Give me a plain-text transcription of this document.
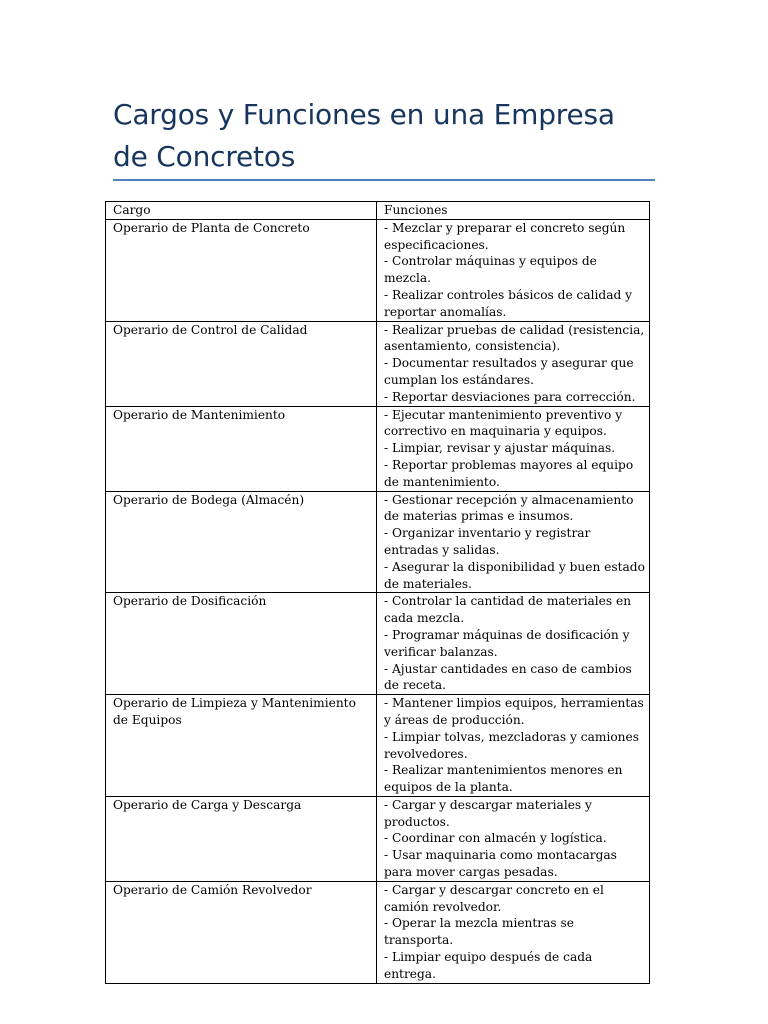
Cargos y Funciones en una Empresa de Concretos
Cargo	Funciones
Operario de Planta de Concreto	- Mezclar y preparar el concreto según especificaciones.
- Controlar máquinas y equipos de mezcla.
- Realizar controles básicos de calidad y reportar anomalías.

Operario de Control de Calidad	- Realizar pruebas de calidad (resistencia, asentamiento, consistencia).
- Documentar resultados y asegurar que cumplan los estándares.
- Reportar desviaciones para corrección.

Operario de Mantenimiento	- Ejecutar mantenimiento preventivo y correctivo en maquinaria y equipos.
- Limpiar, revisar y ajustar máquinas.
- Reportar problemas mayores al equipo de mantenimiento.

Operario de Bodega (Almacén)	- Gestionar recepción y almacenamiento de materias primas e insumos.
- Organizar inventario y registrar entradas y salidas.
- Asegurar la disponibilidad y buen estado de materiales.

Operario de Dosificación	- Controlar la cantidad de materiales en cada mezcla.
- Programar máquinas de dosificación y verificar balanzas.
- Ajustar cantidades en caso de cambios de receta.

Operario de Limpieza y Mantenimiento de Equipos	- Mantener limpios equipos, herramientas y áreas de producción.
- Limpiar tolvas, mezcladoras y camiones revolvedores.
- Realizar mantenimientos menores en equipos de la planta.

Operario de Carga y Descarga	- Cargar y descargar materiales y productos.
- Coordinar con almacén y logística.
- Usar maquinaria como montacargas para mover cargas pesadas.

Operario de Camión Revolvedor	- Cargar y descargar concreto en el camión revolvedor.
- Operar la mezcla mientras se transporta.
- Limpiar equipo después de cada entrega.
